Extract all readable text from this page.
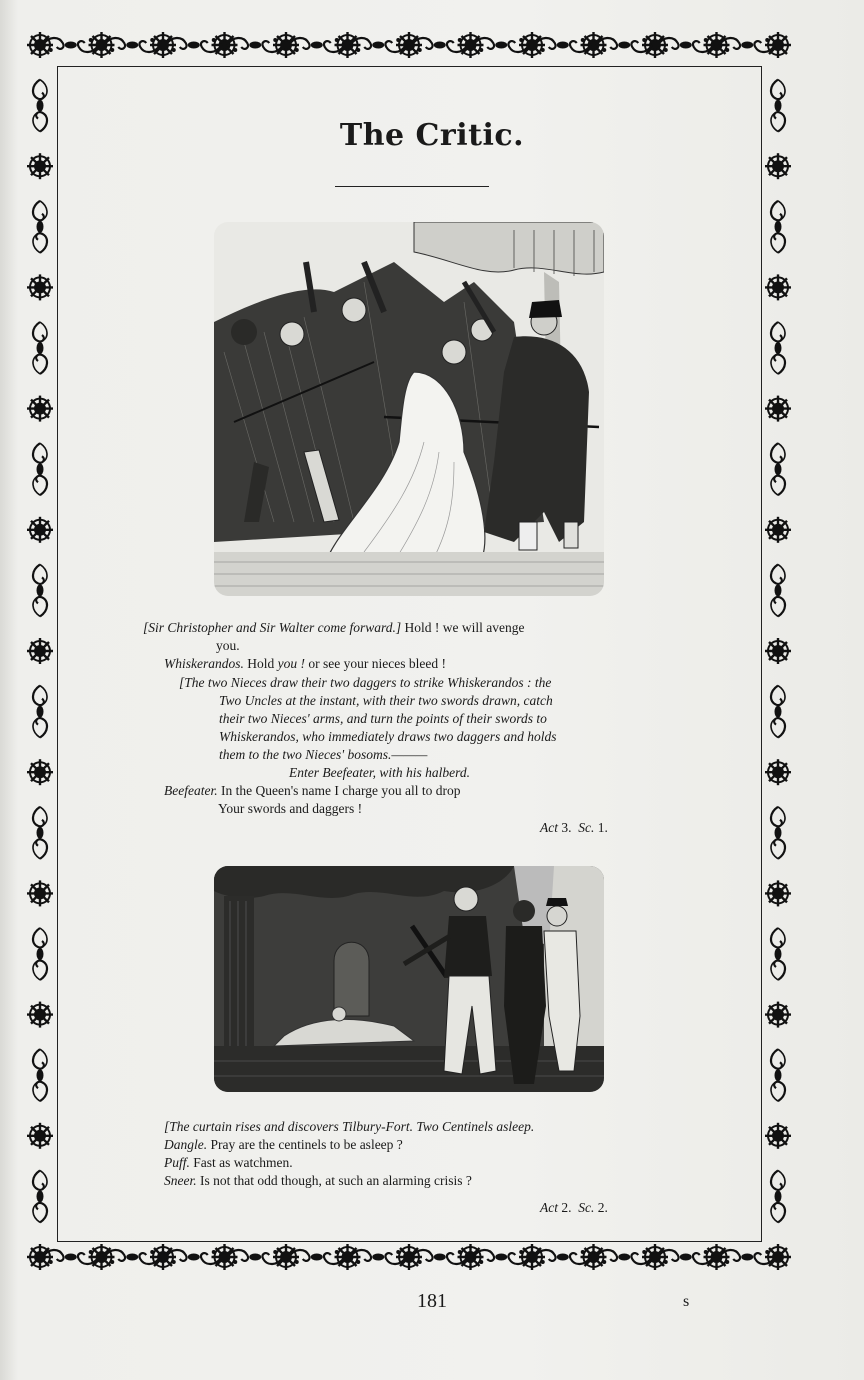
The Critic.
[Sir Christopher and Sir Walter come forward.] Hold ! we will avenge
you.
Whiskerandos. Hold you ! or see your nieces bleed !
[The two Nieces draw their two daggers to strike Whiskerandos : the
Two Uncles at the instant, with their two swords drawn, catch
their two Nieces' arms, and turn the points of their swords to
Whiskerandos, who immediately draws two daggers and holds
them to the two Nieces' bosoms.———
Enter Beefeater, with his halberd.
Beefeater. In the Queen's name I charge you all to drop
Your swords and daggers !
Act 3. Sc. 1.
[The curtain rises and discovers Tilbury-Fort. Two Centinels asleep.
Dangle. Pray are the centinels to be asleep ?
Puff. Fast as watchmen.
Sneer. Is not that odd though, at such an alarming crisis ?
Act 2. Sc. 2.
181	s
